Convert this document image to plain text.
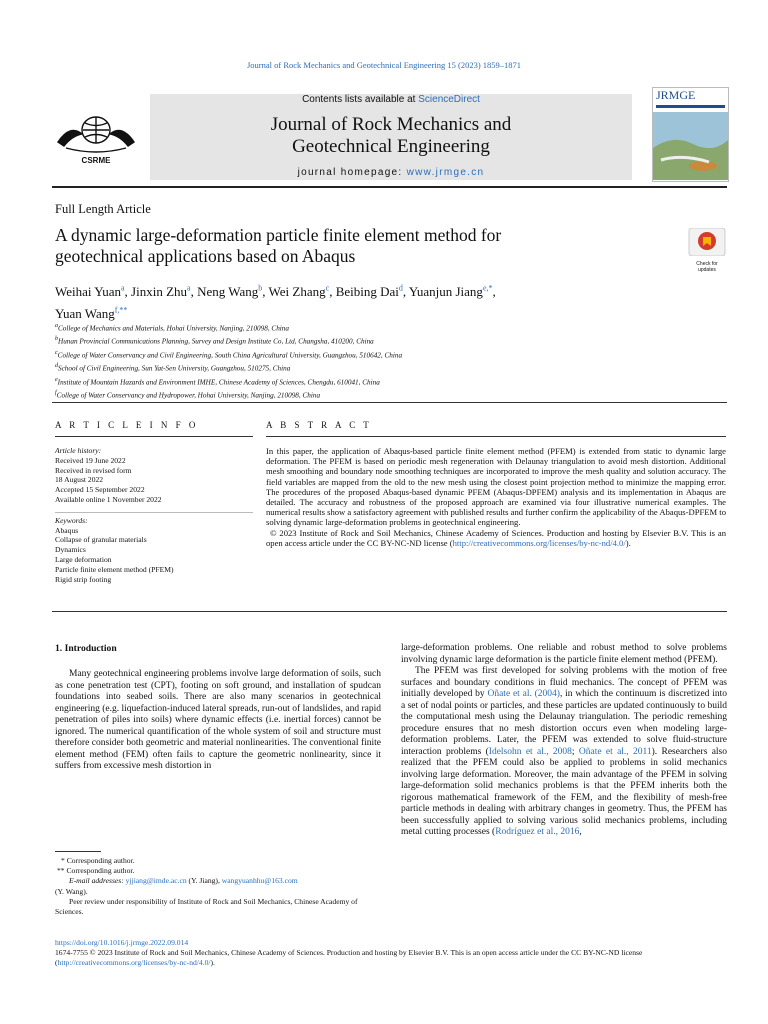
Journal of Rock Mechanics and Geotechnical Engineering 15 (2023) 1859–1871
CSRME
Contents lists available at ScienceDirect
Journal of Rock Mechanics and
Geotechnical Engineering
journal homepage: www.jrmge.cn
JRMGE
Full Length Article
A dynamic large-deformation particle finite element method for
geotechnical applications based on Abaqus	Check for
updates
Weihai Yuan$^a$, Jinxin Zhu$^a$, Neng Wang$^b$, Wei Zhang$^c$, Beibing Dai$^d$, Yuanjun Jiang$^{e,*}$,
Yuan Wang$^{f,**}$
$^a$College of Mechanics and Materials, Hohai University, Nanjing, 210098, China
$^b$Hunan Provincial Communications Planning, Survey and Design Institute Co, Ltd, Changsha, 410200, China
$^c$College of Water Conservancy and Civil Engineering, South China Agricultural University, Guangzhou, 510642, China
$^d$School of Civil Engineering, Sun Yat-Sen University, Guangzhou, 510275, China
$^e$Institute of Mountain Hazards and Environment IMHE, Chinese Academy of Sciences, Chengdu, 610041, China
$^f$College of Water Conservancy and Hydropower, Hohai University, Nanjing, 210098, China
A R T I C L E I N F O
Article history:
Received 19 June 2022
Received in revised form
18 August 2022
Accepted 15 September 2022
Available online 1 November 2022
Keywords:
Abaqus
Collapse of granular materials
Dynamics
Large deformation
Particle finite element method (PFEM)
Rigid strip footing
A B S T R A C T
In this paper, the application of Abaqus-based particle finite element method (PFEM) is extended from static to dynamic large deformation. The PFEM is based on periodic mesh regeneration with Delaunay triangulation to avoid mesh distortion. Additional mesh smoothing and boundary node smoothing techniques are incorporated to improve the mesh quality and solution accuracy. The field variables are mapped from the old to the new mesh using the closest point projection method to minimize the mapping error. The procedures of the proposed Abaqus-based dynamic PFEM (Abaqus-DPFEM) analysis and its implementation in Abaqus are detailed. The accuracy and robustness of the proposed approach are examined via four illustrative numerical examples. The numerical results show a satisfactory agreement with published results and further confirm the applicability of the Abaqus-DPFEM to solving dynamic large-deformation problems in geotechnical engineering.
© 2023 Institute of Rock and Soil Mechanics, Chinese Academy of Sciences. Production and hosting by Elsevier B.V. This is an open access article under the CC BY-NC-ND license (http://creativecommons.org/licenses/by-nc-nd/4.0/).
1. Introduction
Many geotechnical engineering problems involve large deformation of soils, such as cone penetration test (CPT), footing on soft ground, and installation of spudcan foundations into seabed soils. There are also many scenarios in geotechnical engineering (e.g. liquefaction-induced lateral spreads, run-out of landslides, and rapid penetration of piles into soils) where dynamic effects (i.e. inertial forces) cannot be ignored. The numerical quantification of the whole system of soil and structure must therefore consider both geometric and material nonlinearities. The conventional finite element method (FEM) often fails to capture the geometric nonlinearity, since it suffers from excessive mesh distortion in
large-deformation problems. One reliable and robust method to solve problems involving dynamic large deformation is the particle finite element method (PFEM).
The PFEM was first developed for solving problems with the motion of free surfaces and boundary conditions in fluid mechanics. The concept of PFEM was initially developed by Oñate et al. (2004), in which the continuum is discretized into a set of nodal points or particles, and these particles are updated continuously to build the computational mesh using the Delaunay triangulation. The periodic remeshing procedure ensures that no mesh distortion occurs even when modeling large-deformation problems. Later, the PFEM was extended to solve fluid-structure interaction problems (Idelsohn et al., 2008; Oñate et al., 2011). Researchers also realized that the PFEM could also be applied to problems in solid mechanics involving large deformation. Moreover, the main advantage of the PFEM in solving large-deformation solid mechanics problems is that the PFEM inherits both the rigorous mathematical framework of the FEM, and the flexibility of mesh-free particle methods in dealing with arbitrary changes in geometry. Thus, the PFEM has been successfully applied to solving various solid mechanics problems, including metal cutting processes (Rodríguez et al., 2016,
* Corresponding author.
** Corresponding author.
E-mail addresses: yjjiang@imde.ac.cn (Y. Jiang), wangyuanhhu@163.com
(Y. Wang).
Peer review under responsibility of Institute of Rock and Soil Mechanics, Chinese Academy of Sciences.
https://doi.org/10.1016/j.jrmge.2022.09.014
1674-7755 © 2023 Institute of Rock and Soil Mechanics, Chinese Academy of Sciences. Production and hosting by Elsevier B.V. This is an open access article under the CC BY-NC-ND license (http://creativecommons.org/licenses/by-nc-nd/4.0/).
